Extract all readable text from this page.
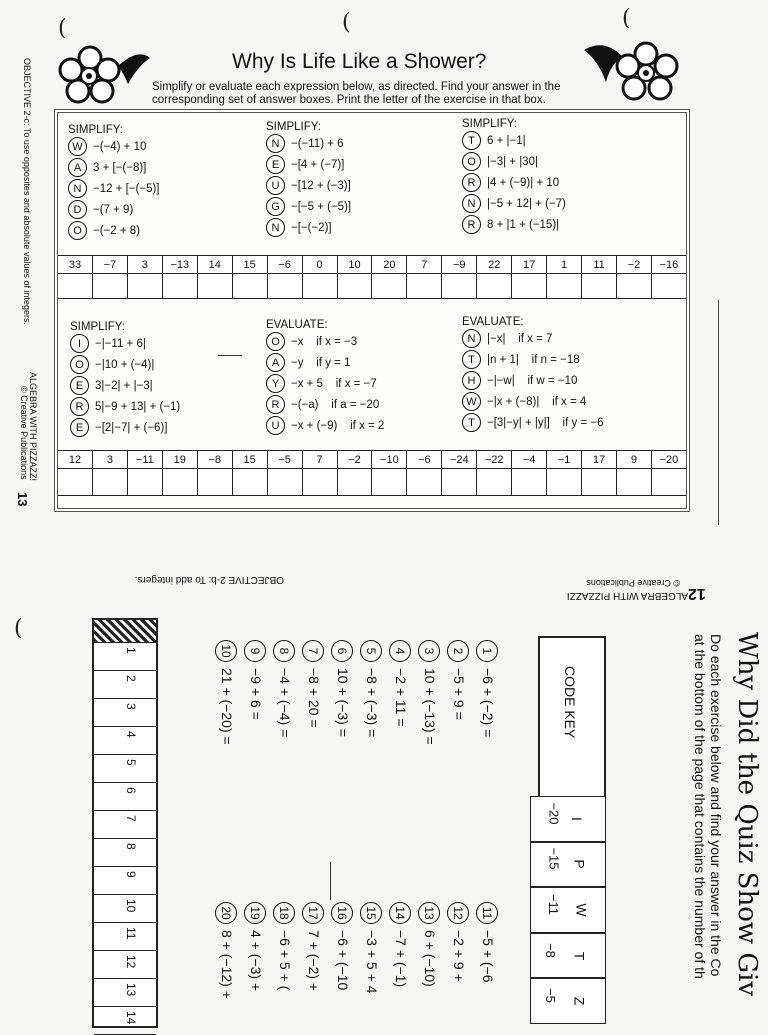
(	(	(
Why Is Life Like a Shower?
Simplify or evaluate each expression below, as directed. Find your answer in the corresponding set of answer boxes. Print the letter of the exercise in that box.
OBJECTIVE 2-c: To use opposites and absolute values of integers.
ALGEBRA WITH PIZZAZZ!
© Creative Publications
13
SIMPLIFY:
W −(−4) + 10
A	3 + [−(−8)]
N	−12 + [−(−5)]
D	−(7 + 9)
O −(−2 + 8)
SIMPLIFY:
N	−(−11) + 6
E	−[4 + (−7)]
U	−[12 + (−3)]
G −[−5 + (−5)]
N	−[−(−2)]
SIMPLIFY:
T	6 + |−1|
O |−3| + |30|
R	|4 + (−9)| + 10
N	|−5 + 12| + (−7)
R	8 + |1 + (−15)|
33	−7	3	−13	14	15	−6	0	10	20	7	−9	22	17	1	11	−2	−16
SIMPLIFY:
I	−|−11 + 6|
O −|10 + (−4)|
E	3|−2| + |−3|
R	5|−9 + 13| + (−1)
E	−[2|−7| + (−6)]
EVALUATE:
O −x    if x = −3
A	−y    if y = 1
Y	−x + 5    if x = −7
R	−(−a)    if a = −20
U	−x + (−9)    if x = 2
EVALUATE:
N	|−x|    if x = 7
T	|n + 1|    if n = −18
H	−|−w|    if w = −10
W −|x + (−8)|    if x = 4
T	−[3|−y| + |y|]    if y = −6
12	3	−11	19	−8	15	−5	7	−2	−10	−6	−24	−22	−4	−1	17	9	−20
OBJECTIVE 2-b: To add integers.
ALGEBRA WITH PIZZAZZI
© Creative Publications
12
(
Why Did the Quiz Show Giv
Do each exercise below and find your answer in the Co
at the bottom of the page that contains the number of th
CODE KEY
I
−20
P
−15
W
−11
T
−8
Z
−5
1−6 + (−2) =
2−5 + 9 =
310 + (−13) =
4−2 + 11 =
5−8 + (−3) =
610 + (−3) =
7−8 + 20 =
8−4 + (−4) =
9−9 + 6 =
1021 + (−20) =
11−5 + (−6
12−2 + 9 +
136 + (−10)
14−7 + (−1)
15−3 + 5 + 4
16−6 + (−10
177 + (−2) +
18−6 + 5 + (
194 + (−3) +
208 + (−12) +
1
2
3
4
5
6
7
8
9
10
11
12
13
14
